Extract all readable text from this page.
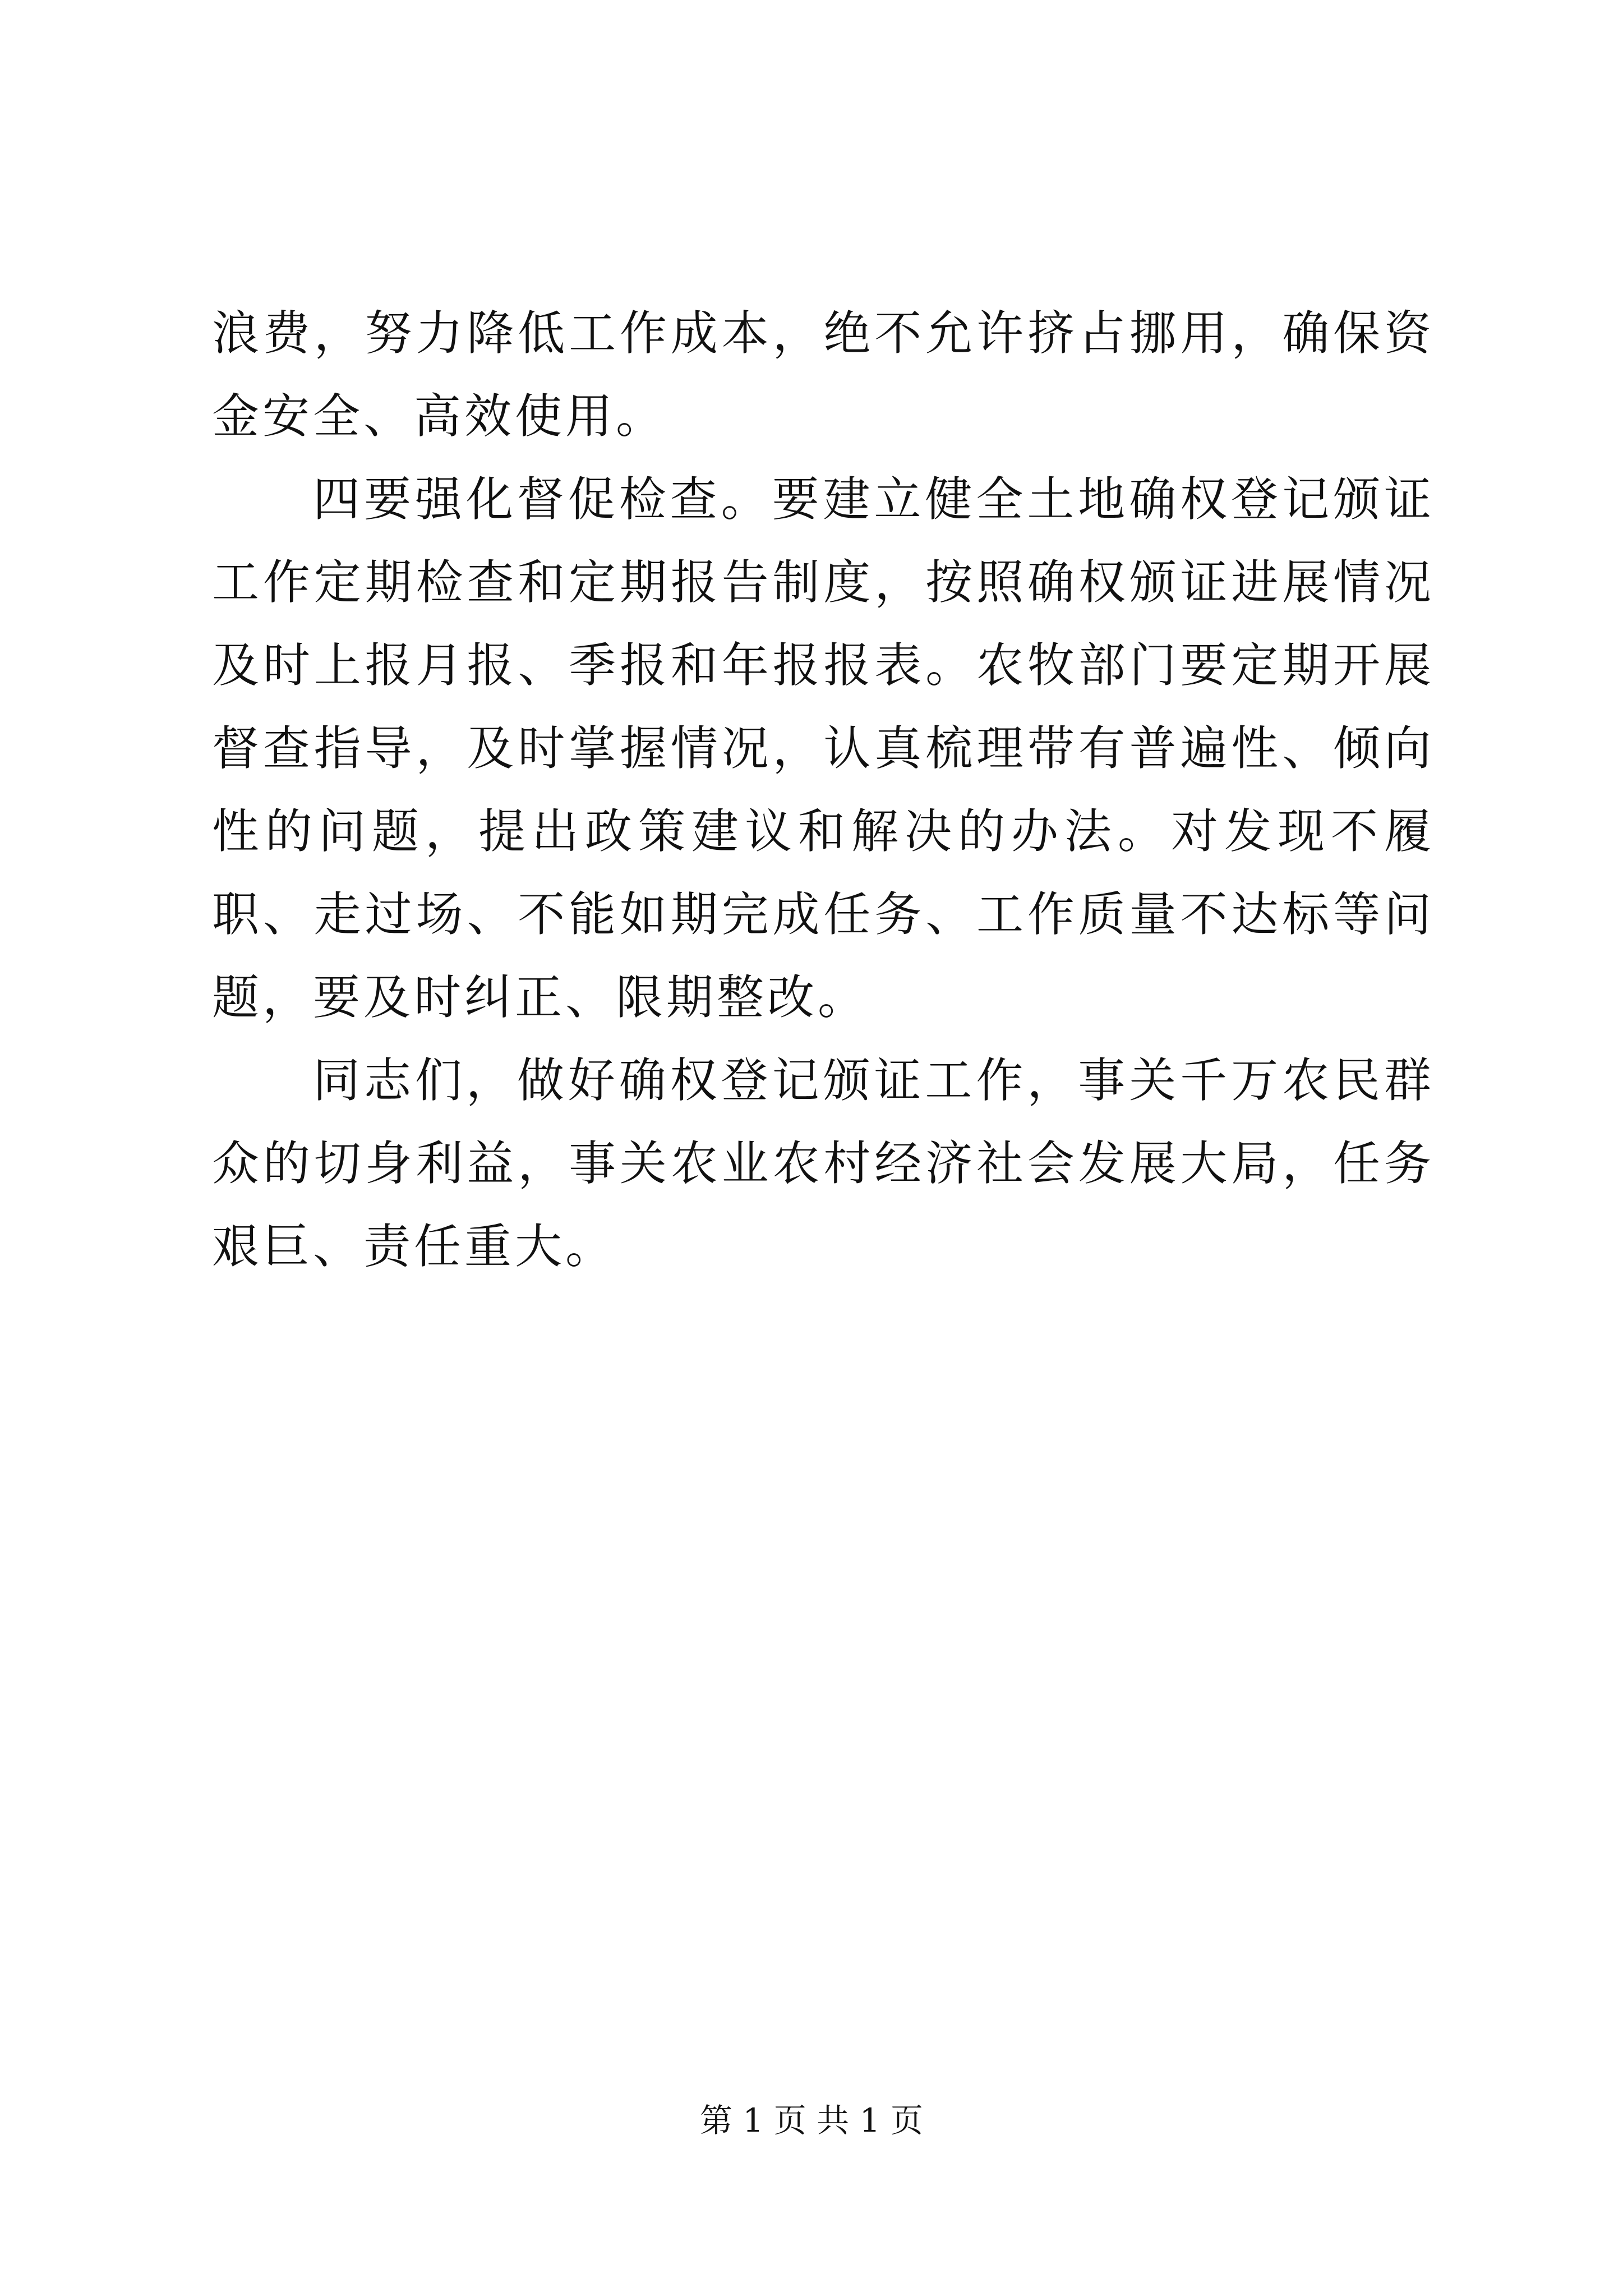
浪费，努力降低工作成本，绝不允许挤占挪用，确保资金安全、高效使用。

四要强化督促检查。要建立健全土地确权登记颁证工作定期检查和定期报告制度，按照确权颁证进展情况及时上报月报、季报和年报报表。农牧部门要定期开展督查指导，及时掌握情况，认真梳理带有普遍性、倾向性的问题，提出政策建议和解决的办法。对发现不履职、走过场、不能如期完成任务、工作质量不达标等问题，要及时纠正、限期整改。

同志们，做好确权登记颁证工作，事关千万农民群众的切身利益，事关农业农村经济社会发展大局，任务艰巨、责任重大。

第 1 页 共 1 页
